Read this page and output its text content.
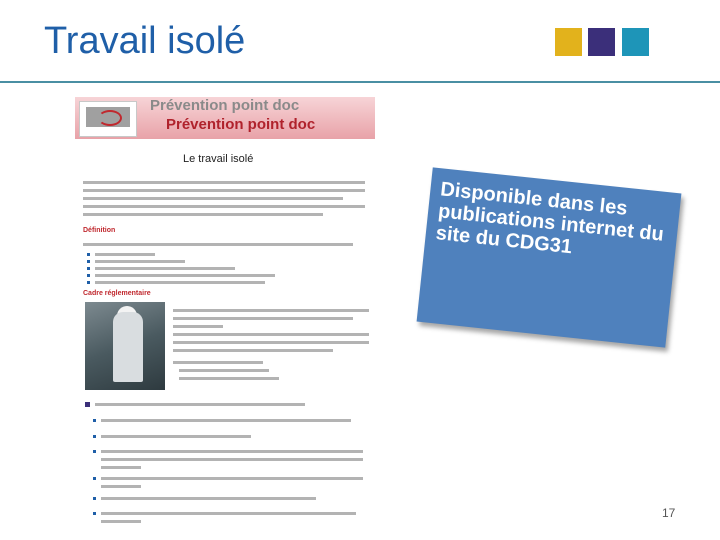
Travail isolé
Prévention point doc
Prévention point doc
Le travail isolé
Définition
Cadre réglementaire
Disponible dans les publications internet du site du CDG31
17
